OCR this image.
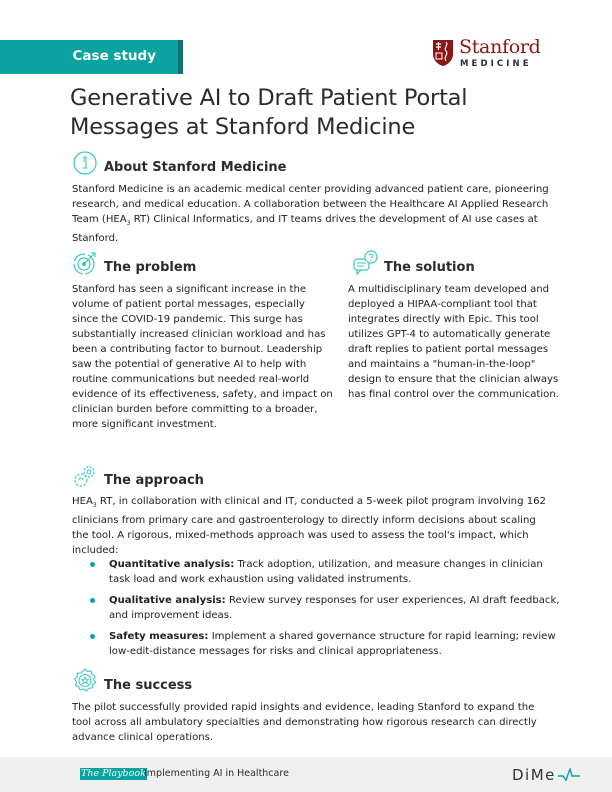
Case study	Stanford
MEDICINE
Generative AI to Draft Patient Portal Messages at Stanford Medicine
About Stanford Medicine

Stanford Medicine is an academic medical center providing advanced patient care, pioneering research, and medical education. A collaboration between the Healthcare AI Applied Research Team ($HEA_3$ RT) Clinical Informatics, and IT teams drives the development of AI use cases at Stanford.

The problem

Stanford has seen a significant increase in the volume of patient portal messages, especially since the COVID-19 pandemic. This surge has substantially increased clinician workload and has been a contributing factor to burnout. Leadership saw the potential of generative AI to help with routine communications but needed real-world evidence of its effectiveness, safety, and impact on clinician burden before committing to a broader, more significant investment.

The solution

A multidisciplinary team developed and deployed a HIPAA-compliant tool that integrates directly with Epic. This tool utilizes GPT-4 to automatically generate draft replies to patient portal messages and maintains a "human-in-the-loop" design to ensure that the clinician always has final control over the communication.

The approach

$HEA_3$ RT, in collaboration with clinical and IT, conducted a 5-week pilot program involving 162 clinicians from primary care and gastroenterology to directly inform decisions about scaling the tool. A rigorous, mixed-methods approach was used to assess the tool's impact, which included:

Quantitative analysis: Track adoption, utilization, and measure changes in clinician task load and work exhaustion using validated instruments.
Qualitative analysis: Review survey responses for user experiences, AI draft feedback, and improvement ideas.
Safety measures: Implement a shared governance structure for rapid learning; review low-edit-distance messages for risks and clinical appropriateness.
The success

The pilot successfully provided rapid insights and evidence, leading Stanford to expand the tool across all ambulatory specialties and demonstrating how rigorous research can directly advance clinical operations.

The Playbook
Implementing AI in Healthcare	DiMe
